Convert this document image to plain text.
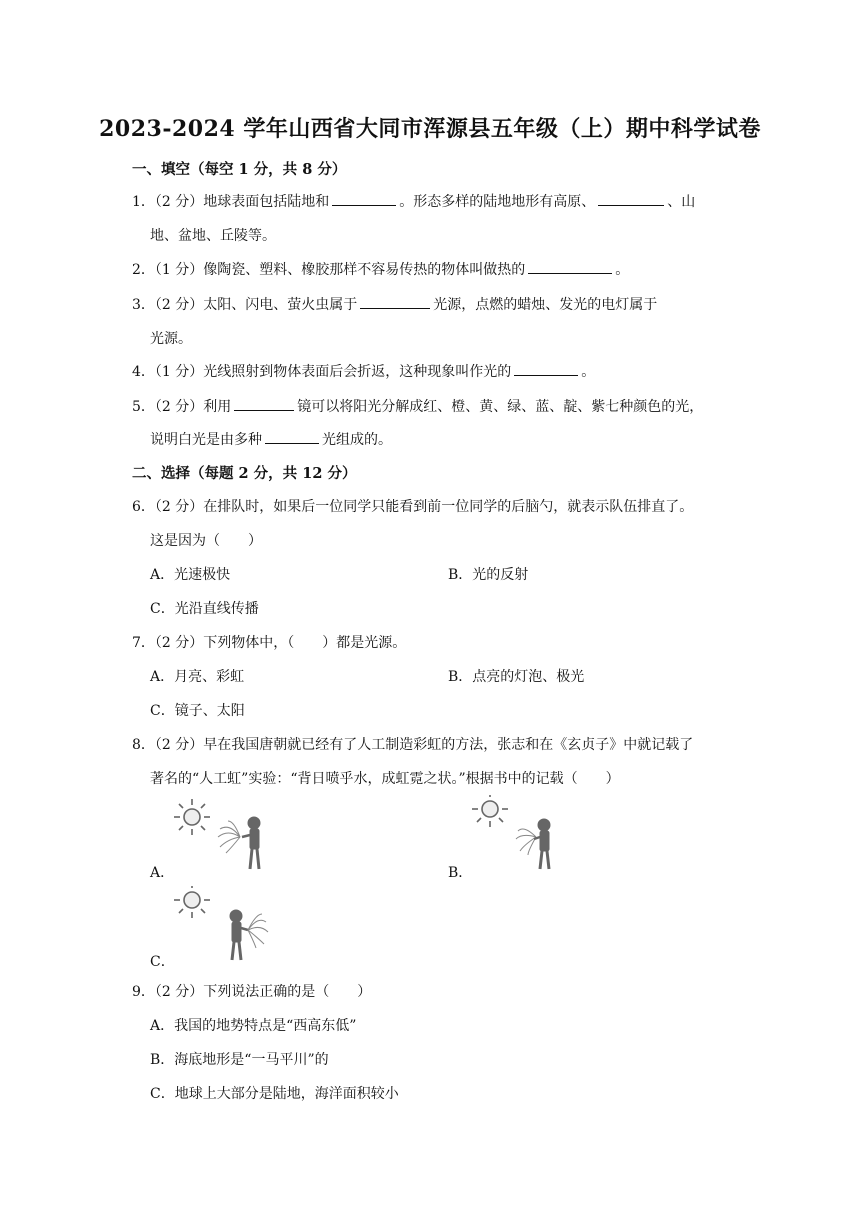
2023-2024 学年山西省大同市浑源县五年级（上）期中科学试卷
一、填空（每空 1 分，共 8 分）
1．（2 分）地球表面包括陆地和	。形态多样的陆地地形有高原、	、山
地、盆地、丘陵等。
2．（1 分）像陶瓷、塑料、橡胶那样不容易传热的物体叫做热的	。
3．（2 分）太阳、闪电、萤火虫属于	光源，点燃的蜡烛、发光的电灯属于
光源。
4．（1 分）光线照射到物体表面后会折返，这种现象叫作光的	。
5．（2 分）利用	镜可以将阳光分解成红、橙、黄、绿、蓝、靛、紫七种颜色的光，
说明白光是由多种	光组成的。
二、选择（每题 2 分，共 12 分）
6．（2 分）在排队时，如果后一位同学只能看到前一位同学的后脑勺，就表示队伍排直了。
这是因为（　　）
A．光速极快	B．光的反射
C．光沿直线传播
7．（2 分）下列物体中，（　　）都是光源。
A．月亮、彩虹	B．点亮的灯泡、极光
C．镜子、太阳
8．（2 分）早在我国唐朝就已经有了人工制造彩虹的方法，张志和在《玄贞子》中就记载了
著名的“人工虹”实验：“背日喷乎水，成虹霓之状。”根据书中的记载（　　）
A．	B．
C．
9．（2 分）下列说法正确的是（　　）
A．我国的地势特点是“西高东低”
B．海底地形是“一马平川”的
C．地球上大部分是陆地，海洋面积较小
